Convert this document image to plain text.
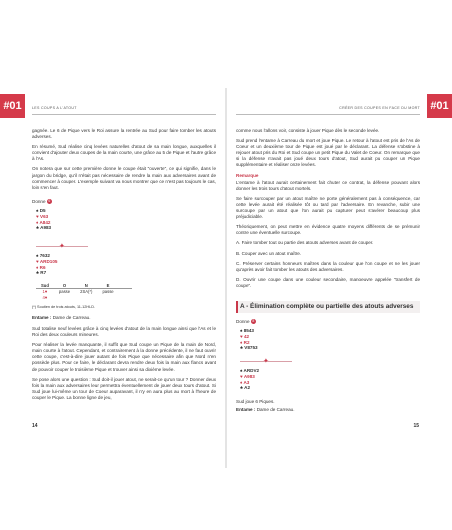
#01	#01
LES COUPS A L'ATOUT	CRÉER DES COUPES EN FACE DU MORT

gagnée. Le 6 de Pique vers le Roi assure la rentrée au Sud pour faire tomber les atouts adverses.

En résumé, Sud réalise cinq levées naturelles d'atout de sa main longue, auxquelles il convient d'ajouter deux coupes de la main courte, une grâce au 5 de Pique et l'autre grâce à l'As.

On notera que sur cette première donne le coupe était "ouverte", ce qui signifie, dans le jargon du bridge, qu'il n'était pas nécessaire de rendre la main aux adversaires avant de commencer à couper. L'exemple suivant va nous montrer que ce n'est pas toujours le cas, loin s'en faut.

Donne 6
♠ D5
♥ V63
♦ A842
♣ A983
✦
♠ 7632
♥ ARD105
♦ R6
♣ R7
Sud	O	N	E
1♥	passe	2SA(*)	passe
4♥			
(*) Soutien de trois atouts, 11-12HLD.
Entame : Dame de Carreau.

Sud totalise neuf levées grâce à cinq levées d'atout de la main longue ainsi que l'As et le Roi des deux couleurs mineures.

Pour réaliser la levée manquante, il suffit que Sud coupe un Pique de la main de Nord, main courte à l'atout. Cependant, et contrairement à la donne précédente, il ne faut ouvrir cette coupe, c'est-à-dire jouer autant de fois Pique que nécessaire afin que Nord n'en possède plus. Pour ce faire, le déclarant devra rendre deux fois la main aux flancs avant de pouvoir couper le troisième Pique et trouver ainsi sa dixième levée.

Se pose alors une question : Sud doit-il jouer atout, ne serait-ce qu'un tour ? Donner deux fois la main aux adversaires leur permettra éventuellement de jouer deux tours d'atout. Si Sud joue lui-même un tour de Coeur auparavant, il n'y en aura plus au mort à l'heure de couper le Pique. La bonne ligne de jeu,

14

comme nous l'allons voir, consiste à jouer Pique dès le seconde levée.

Sud prend l'entame à Carreau du mort et joue Pique. Le retour à l'atout est pris de l'As de Coeur et un deuxième tour de Pique est joué par le déclarant. La défense s'obstine à rejouer atout pris du Roi et Sud coupe un petit Pique du Valet de Coeur. On remarque que si la défense n'avait pas joué deux tours d'atout, Sud aurait pu couper un Pique supplémentaire et réaliser onze levées.

Remarque

L'entame à l'atout aurait certainement fait chuter ce contrat, la défense pouvant alors donner les trois tours d'atout mortels.

Se faire surcouper par un atout maître ne porte généralement pas à conséquence, car cette levée aurait été réalisée tôt ou tard par l'adversaire. En revanche, subir une surcoupe par un atout que l'on aurait pu capturer peut s'avérer beaucoup plus préjudiciable.

Théoriquement, on peut mettre en évidence quatre moyens différents de se prémunir contre une éventuelle surcoupe.

A. Faire tomber tout ou partie des atouts adverses avant de couper.

B. Couper avec un atout maître.

C. Préserver certains honneurs maîtres dans la couleur que l'on coupe et ne les jouer qu'après avoir fait tomber les atouts des adversaires.

D. Ouvrir une coupe dans une couleur secondaire, manoeuvre appelée "transfert de coupe".

A - Élimination complète ou partielle des atouts adverses
Donne 8
♠ 8543
♥ 42
♦ R2
♣ V8753
✦
♠ ARDV2
♥ A983
♦ A3
♣ A2
Sud joue 6 Piques.
Entame : Dame de Carreau.
15
